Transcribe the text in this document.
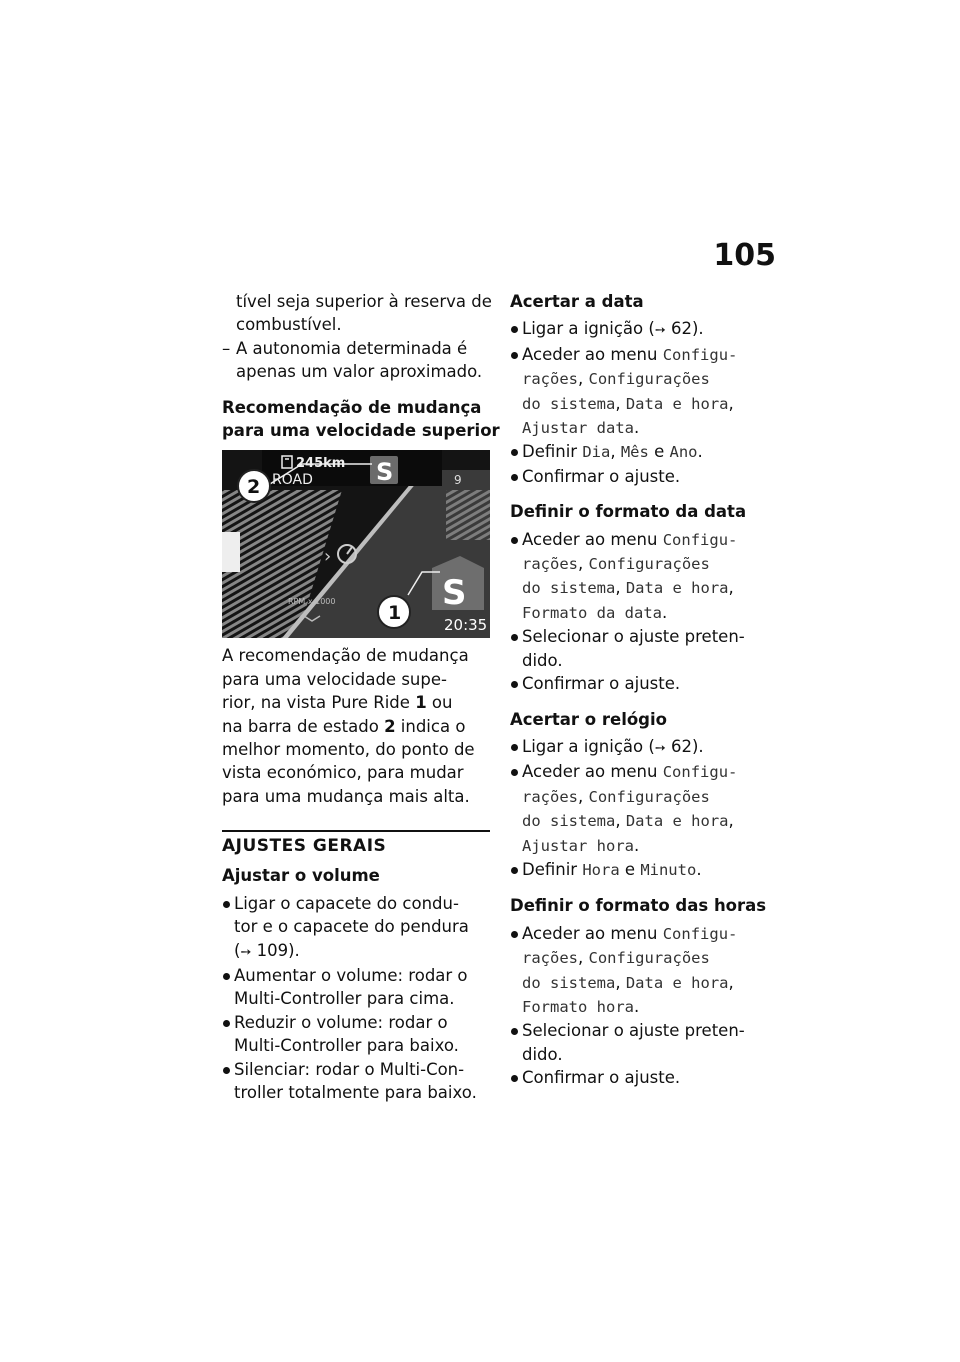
105
tível seja superior à reserva de
combustível.
– A autonomia determinada é
apenas um valor aproximado.
Recomendação de mudança
para uma velocidade superior
9
245km
ROAD	S
›
S
RPM x 1000
20:35
2
1
A recomendação de mudança
para uma velocidade supe-
rior, na vista Pure Ride 1 ou
na barra de estado 2 indica o
melhor momento, do ponto de
vista económico, para mudar
para uma mudança mais alta.
AJUSTES GERAIS
Ajustar o volume
Ligar o capacete do condu-
tor e o capacete do pendura
(➙ 109).
Aumentar o volume: rodar o
Multi-Controller para cima.
Reduzir o volume: rodar o
Multi-Controller para baixo.
Silenciar: rodar o Multi-Con-
troller totalmente para baixo.
Acertar a data
Ligar a ignição (➙ 62).
Aceder ao menu Configu-
rações, Configurações
do sistema, Data e hora,
Ajustar data.
Definir Dia, Mês e Ano.
Confirmar o ajuste.
Definir o formato da data
Aceder ao menu Configu-
rações, Configurações
do sistema, Data e hora,
Formato da data.
Selecionar o ajuste preten-
dido.
Confirmar o ajuste.
Acertar o relógio
Ligar a ignição (➙ 62).
Aceder ao menu Configu-
rações, Configurações
do sistema, Data e hora,
Ajustar hora.
Definir Hora e Minuto.
Definir o formato das horas
Aceder ao menu Configu-
rações, Configurações
do sistema, Data e hora,
Formato hora.
Selecionar o ajuste preten-
dido.
Confirmar o ajuste.
